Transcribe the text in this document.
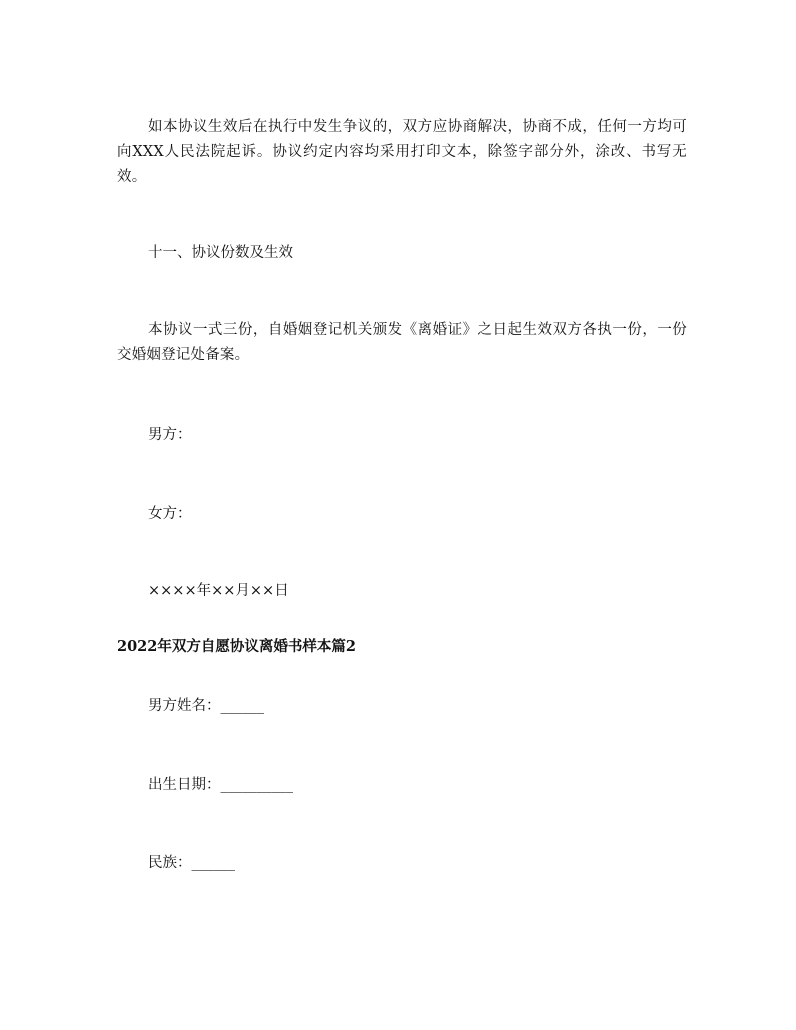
如本协议生效后在执行中发生争议的，双方应协商解决，协商不成，任何一方均可向XXX人民法院起诉。协议约定内容均采用打印文本，除签字部分外，涂改、书写无效。

十一、协议份数及生效

本协议一式三份，自婚姻登记机关颁发《离婚证》之日起生效双方各执一份，一份交婚姻登记处备案。

男方：

女方：

××××年××月××日

2022年双方自愿协议离婚书样本篇2

男方姓名：______

出生日期：__________

民族：______
